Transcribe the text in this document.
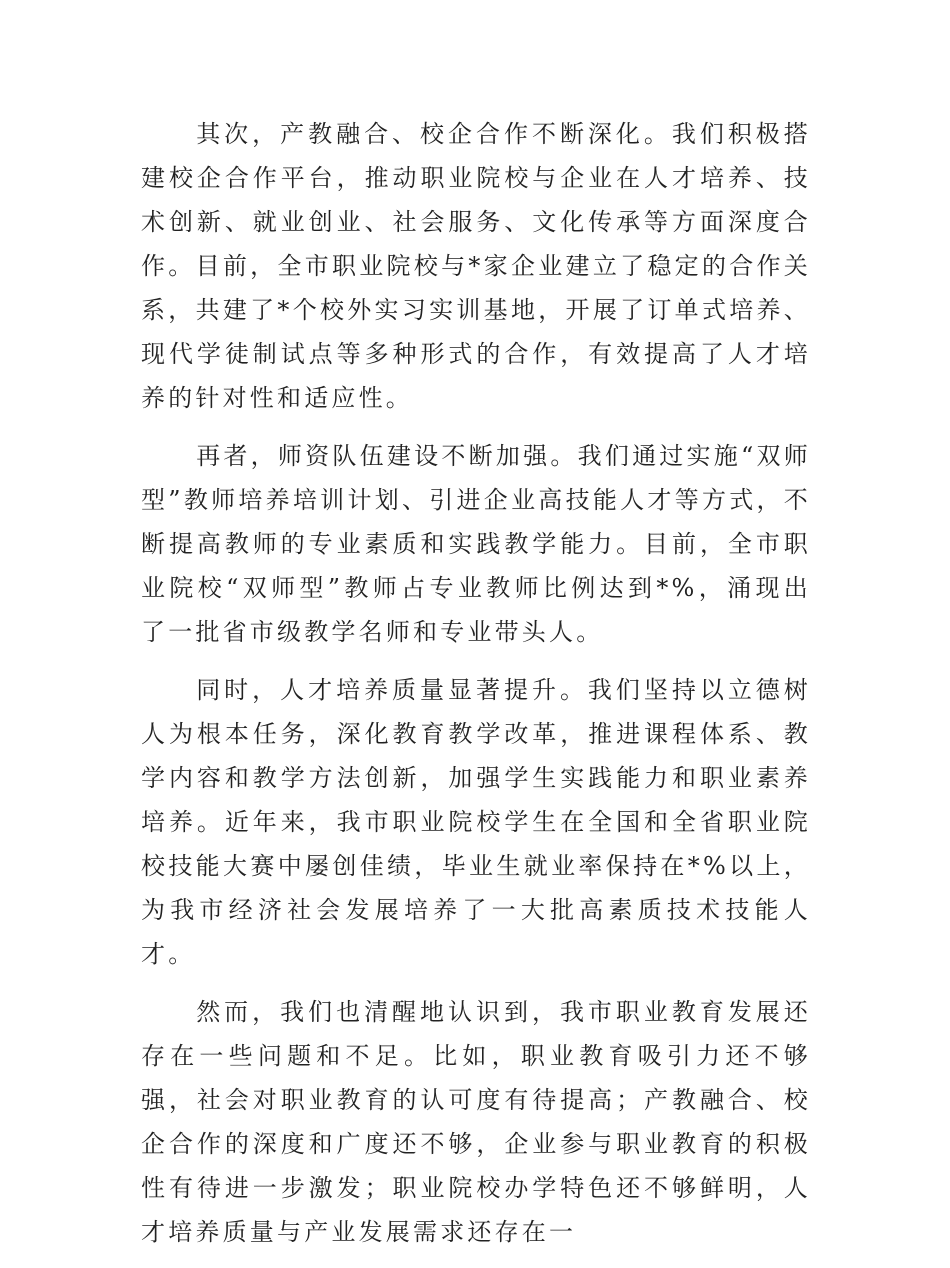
其次，产教融合、校企合作不断深化。我们积极搭建校企合作平台，推动职业院校与企业在人才培养、技术创新、就业创业、社会服务、文化传承等方面深度合作。目前，全市职业院校与*家企业建立了稳定的合作关系，共建了*个校外实习实训基地，开展了订单式培养、现代学徒制试点等多种形式的合作，有效提高了人才培养的针对性和适应性。

再者，师资队伍建设不断加强。我们通过实施“双师型”教师培养培训计划、引进企业高技能人才等方式，不断提高教师的专业素质和实践教学能力。目前，全市职业院校“双师型”教师占专业教师比例达到*%，涌现出了一批省市级教学名师和专业带头人。

同时，人才培养质量显著提升。我们坚持以立德树人为根本任务，深化教育教学改革，推进课程体系、教学内容和教学方法创新，加强学生实践能力和职业素养培养。近年来，我市职业院校学生在全国和全省职业院校技能大赛中屡创佳绩，毕业生就业率保持在*%以上，为我市经济社会发展培养了一大批高素质技术技能人才。

然而，我们也清醒地认识到，我市职业教育发展还存在一些问题和不足。比如，职业教育吸引力还不够强，社会对职业教育的认可度有待提高；产教融合、校企合作的深度和广度还不够，企业参与职业教育的积极性有待进一步激发；职业院校办学特色还不够鲜明，人才培养质量与产业发展需求还存在一
